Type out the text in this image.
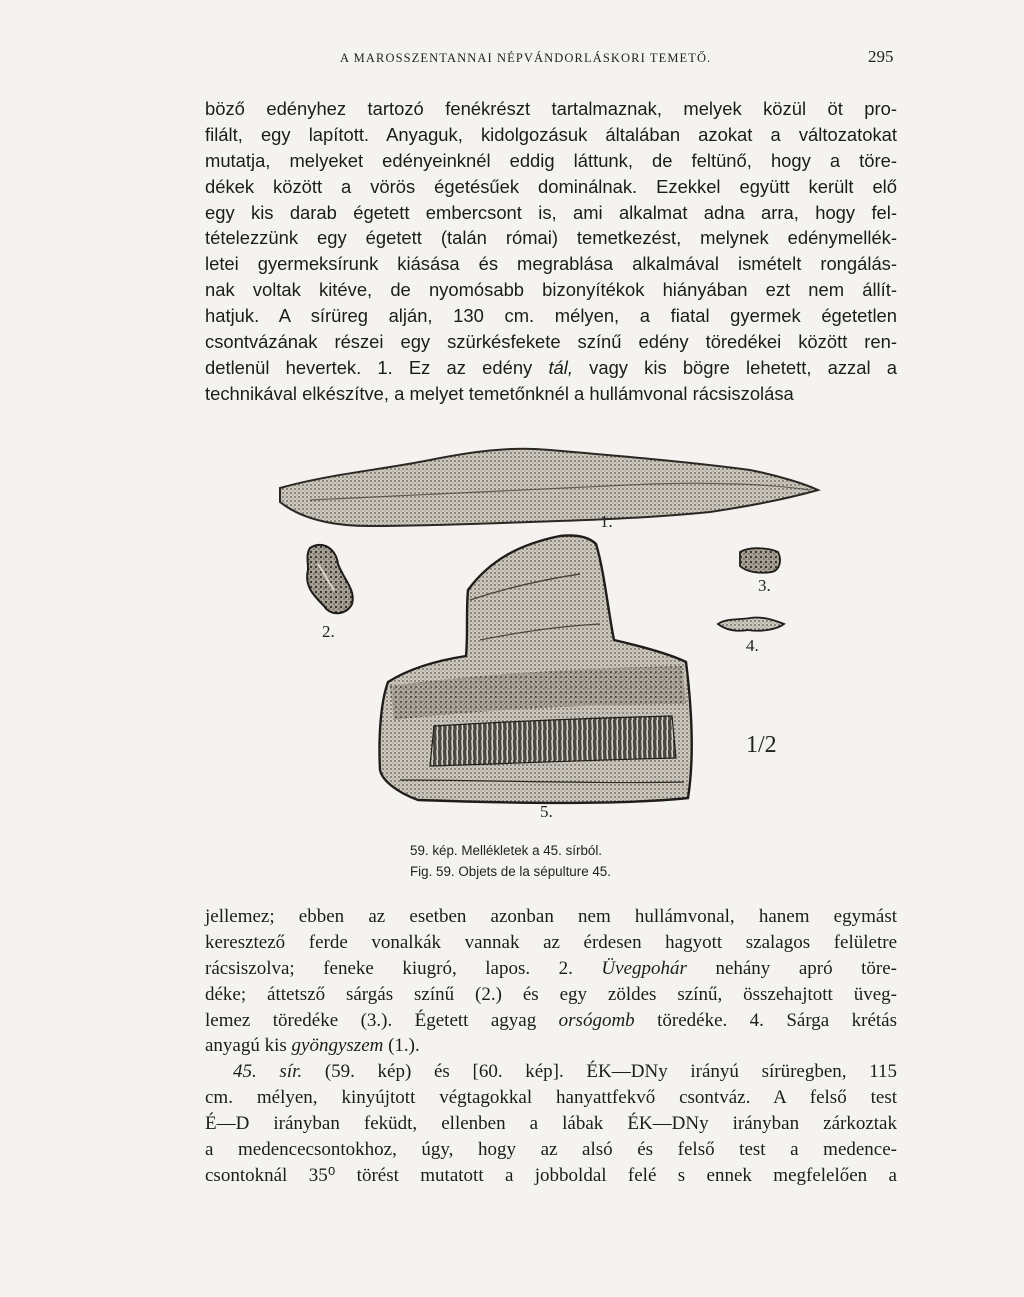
A MAROSSZENTANNAI NÉPVÁNDORLÁSKORI TEMETŐ.	295
böző edényhez tartozó fenékrészt tartalmaznak, melyek közül öt pro-
filált, egy lapított. Anyaguk, kidolgozásuk általában azokat a változatokat
mutatja, melyeket edényeinknél eddig láttunk, de feltünő, hogy a töre-
dékek között a vörös égetésűek dominálnak. Ezekkel együtt került elő
egy kis darab égetett embercsont is, ami alkalmat adna arra, hogy fel-
tételezzünk egy égetett (talán római) temetkezést, melynek edénymellék-
letei gyermeksírunk kiásása és megrablása alkalmával ismételt rongálás-
nak voltak kitéve, de nyomósabb bizonyítékok hiányában ezt nem állít-
hatjuk. A sírüreg alján, 130 cm. mélyen, a fiatal gyermek égetetlen
csontvázának részei egy szürkésfekete színű edény töredékei között ren-
detlenül hevertek. 1. Ez az edény tál, vagy kis bögre lehetett, azzal a
technikával elkészítve, a melyet temetőnknél a hullámvonal rácsiszolása
1/2
1.
2.
3.
4.
5.
59. kép. Mellékletek a 45. sírból.
Fig. 59. Objets de la sépulture 45.
jellemez; ebben az esetben azonban nem hullámvonal, hanem egymást
keresztező ferde vonalkák vannak az érdesen hagyott szalagos felületre
rácsiszolva; feneke kiugró, lapos. 2. Üvegpohár nehány apró töre-
déke; áttetsző sárgás színű (2.) és egy zöldes színű, összehajtott üveg-
lemez töredéke (3.). Égetett agyag orsógomb töredéke. 4. Sárga krétás
anyagú kis gyöngyszem (1.).
45. sír. (59. kép) és [60. kép]. ÉK—DNy irányú sírüregben, 115
cm. mélyen, kinyújtott végtagokkal hanyattfekvő csontváz. A felső test
É—D irányban feküdt, ellenben a lábak ÉK—DNy irányban zárkoztak
a medencecsontokhoz, úgy, hogy az alsó és felső test a medence-
csontoknál 35⁰ törést mutatott a jobboldal felé s ennek megfelelően a
